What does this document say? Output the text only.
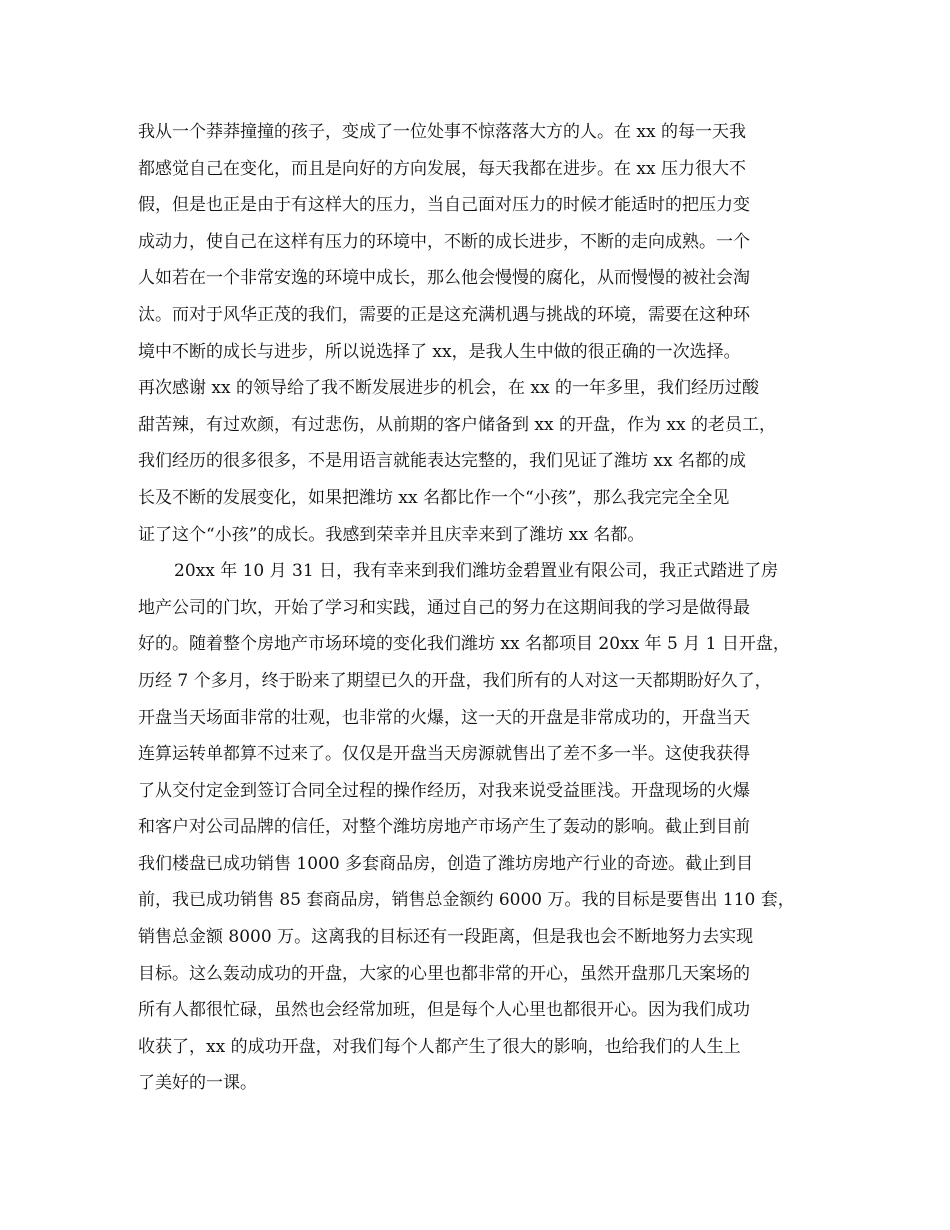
我从一个莽莽撞撞的孩子，变成了一位处事不惊落落大方的人。在 xx 的每一天我
都感觉自己在变化，而且是向好的方向发展，每天我都在进步。在 xx 压力很大不
假，但是也正是由于有这样大的压力，当自己面对压力的时候才能适时的把压力变
成动力，使自己在这样有压力的环境中，不断的成长进步，不断的走向成熟。一个
人如若在一个非常安逸的环境中成长，那么他会慢慢的腐化，从而慢慢的被社会淘
汰。而对于风华正茂的我们，需要的正是这充满机遇与挑战的环境，需要在这种环
境中不断的成长与进步，所以说选择了 xx，是我人生中做的很正确的一次选择。
再次感谢 xx 的领导给了我不断发展进步的机会，在 xx 的一年多里，我们经历过酸
甜苦辣，有过欢颜，有过悲伤，从前期的客户储备到 xx 的开盘，作为 xx 的老员工，
我们经历的很多很多，不是用语言就能表达完整的，我们见证了潍坊 xx 名都的成
长及不断的发展变化，如果把潍坊 xx 名都比作一个“小孩”，那么我完完全全见
证了这个“小孩”的成长。我感到荣幸并且庆幸来到了潍坊 xx 名都。
20xx 年 10 月 31 日，我有幸来到我们潍坊金碧置业有限公司，我正式踏进了房
地产公司的门坎，开始了学习和实践，通过自己的努力在这期间我的学习是做得最
好的。随着整个房地产市场环境的变化我们潍坊 xx 名都项目 20xx 年 5 月 1 日开盘，
历经 7 个多月，终于盼来了期望已久的开盘，我们所有的人对这一天都期盼好久了，
开盘当天场面非常的壮观，也非常的火爆，这一天的开盘是非常成功的，开盘当天
连算运转单都算不过来了。仅仅是开盘当天房源就售出了差不多一半。这使我获得
了从交付定金到签订合同全过程的操作经历，对我来说受益匪浅。开盘现场的火爆
和客户对公司品牌的信任，对整个潍坊房地产市场产生了轰动的影响。截止到目前
我们楼盘已成功销售 1000 多套商品房，创造了潍坊房地产行业的奇迹。截止到目
前，我已成功销售 85 套商品房，销售总金额约 6000 万。我的目标是要售出 110 套，
销售总金额 8000 万。这离我的目标还有一段距离，但是我也会不断地努力去实现
目标。这么轰动成功的开盘，大家的心里也都非常的开心，虽然开盘那几天案场的
所有人都很忙碌，虽然也会经常加班，但是每个人心里也都很开心。因为我们成功
收获了，xx 的成功开盘，对我们每个人都产生了很大的影响，也给我们的人生上
了美好的一课。
